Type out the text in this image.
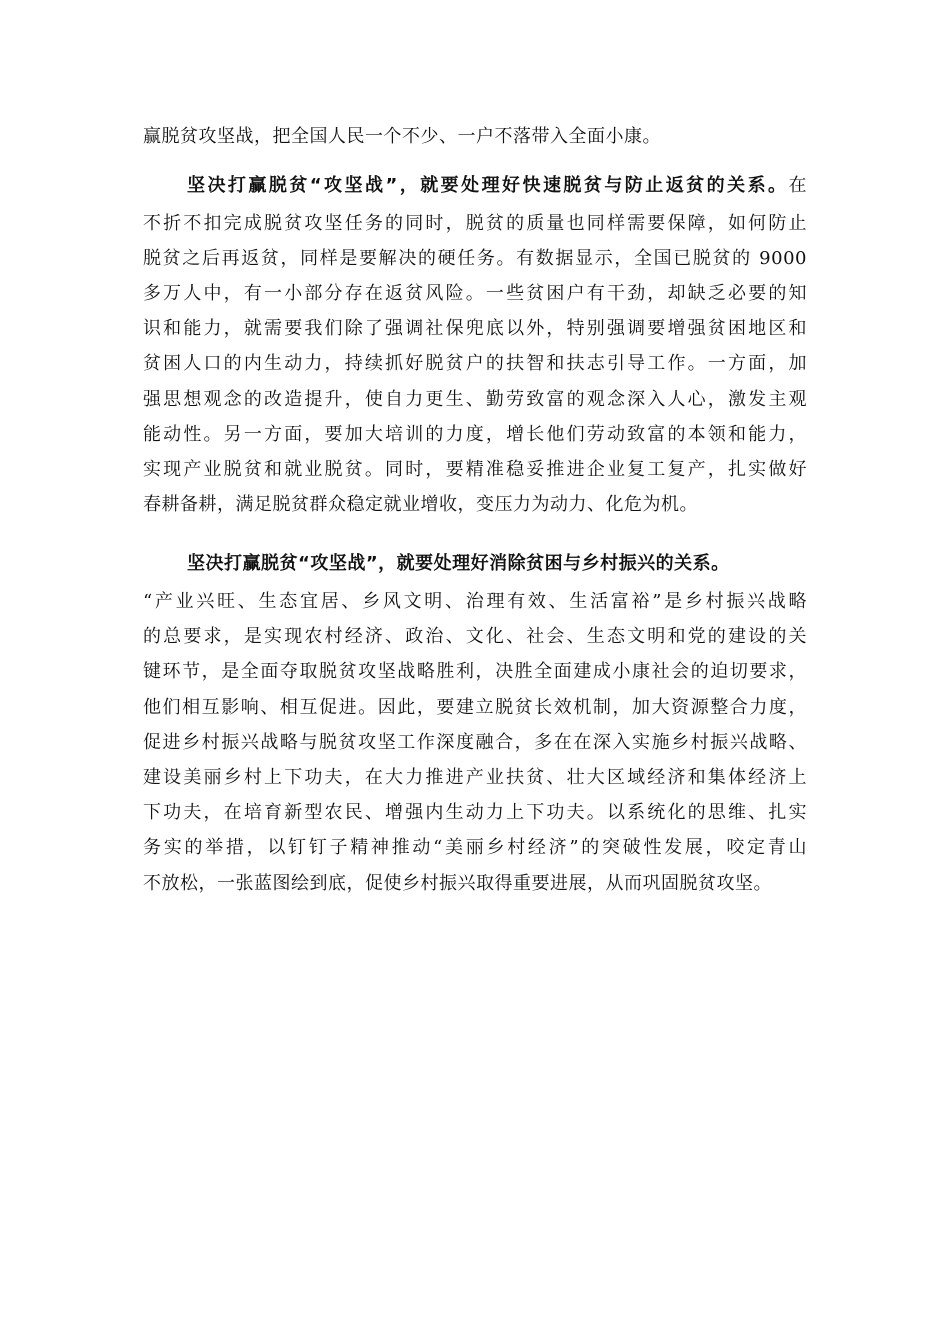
赢脱贫攻坚战，把全国人民一个不少、一户不落带入全面小康。
坚决打赢脱贫“攻坚战”，就要处理好快速脱贫与防止返贫的关系。在
不折不扣完成脱贫攻坚任务的同时，脱贫的质量也同样需要保障，如何防止
脱贫之后再返贫，同样是要解决的硬任务。有数据显示，全国已脱贫的 9000
多万人中，有一小部分存在返贫风险。一些贫困户有干劲，却缺乏必要的知
识和能力，就需要我们除了强调社保兜底以外，特别强调要增强贫困地区和
贫困人口的内生动力，持续抓好脱贫户的扶智和扶志引导工作。一方面，加
强思想观念的改造提升，使自力更生、勤劳致富的观念深入人心，激发主观
能动性。另一方面，要加大培训的力度，增长他们劳动致富的本领和能力，
实现产业脱贫和就业脱贫。同时，要精准稳妥推进企业复工复产，扎实做好
春耕备耕，满足脱贫群众稳定就业增收，变压力为动力、化危为机。
坚决打赢脱贫“攻坚战”，就要处理好消除贫困与乡村振兴的关系。
“产业兴旺、生态宜居、乡风文明、治理有效、生活富裕”是乡村振兴战略
的总要求，是实现农村经济、政治、文化、社会、生态文明和党的建设的关
键环节，是全面夺取脱贫攻坚战略胜利，决胜全面建成小康社会的迫切要求，
他们相互影响、相互促进。因此，要建立脱贫长效机制，加大资源整合力度，
促进乡村振兴战略与脱贫攻坚工作深度融合，多在在深入实施乡村振兴战略、
建设美丽乡村上下功夫，在大力推进产业扶贫、壮大区域经济和集体经济上
下功夫，在培育新型农民、增强内生动力上下功夫。以系统化的思维、扎实
务实的举措，以钉钉子精神推动“美丽乡村经济”的突破性发展，咬定青山
不放松，一张蓝图绘到底，促使乡村振兴取得重要进展，从而巩固脱贫攻坚。
